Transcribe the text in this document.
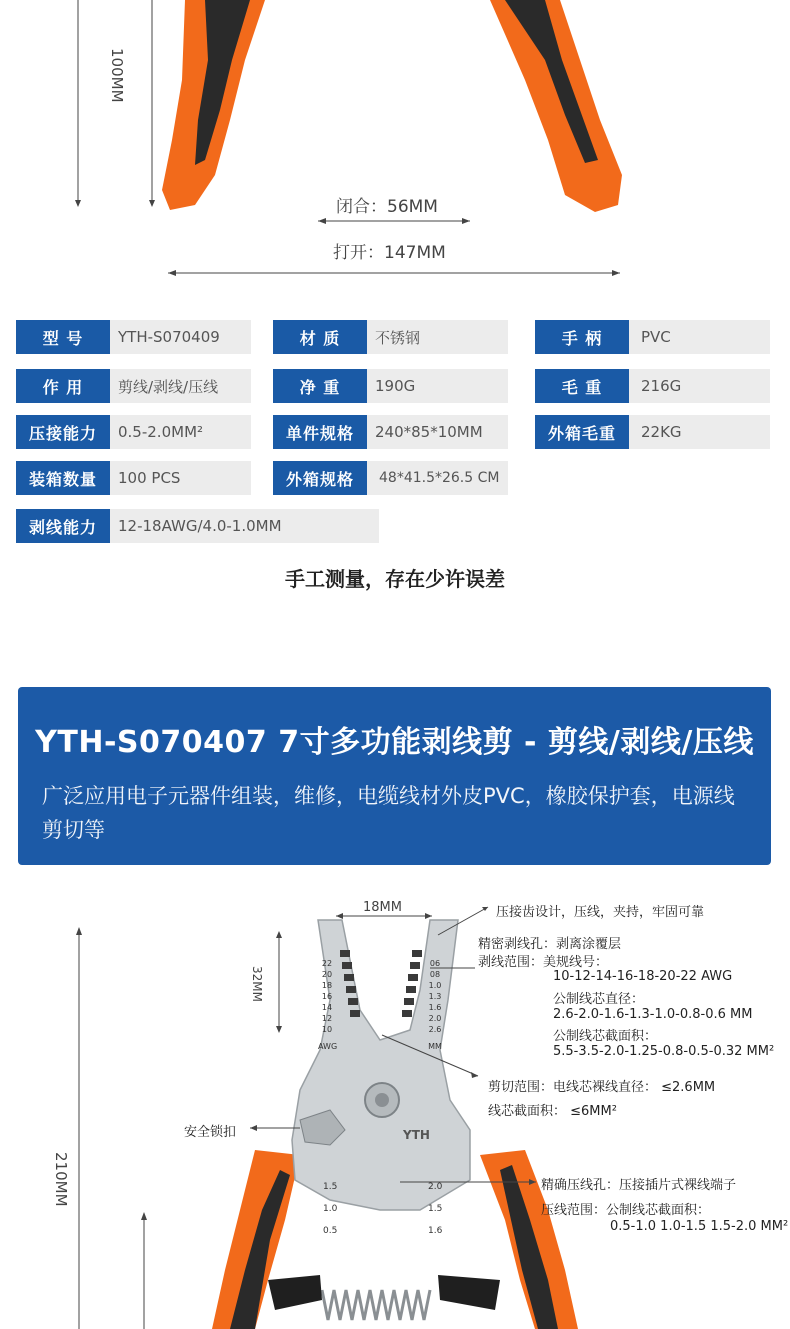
100MM
闭合：56MM
打开：147MM
型 号	YTH-S070409	材 质	不锈钢	手 柄	PVC
作 用	剪线/剥线/压线	净 重	190G	毛 重	216G
压接能力	0.5-2.0MM²	单件规格	240*85*10MM	外箱毛重	22KG
装箱数量	100 PCS	外箱规格	48*41.5*26.5 CM
剥线能力	12-18AWG/4.0-1.0MM
手工测量，存在少许误差
YTH-S070407 7寸多功能剥线剪 - 剪线/剥线/压线
广泛应用电子元器件组装，维修，电缆线材外皮PVC，橡胶保护套，电源线剪切等
18MM
32MM
210MM
安全锁扣
压接齿设计，压线，夹持，牢固可靠
精密剥线孔：剥离涂覆层
剥线范围：美规线号：
10-12-14-16-18-20-22 AWG
公制线芯直径：
2.6-2.0-1.6-1.3-1.0-0.8-0.6 MM
公制线芯截面积：
5.5-3.5-2.0-1.25-0.8-0.5-0.32 MM²
剪切范围：电线芯裸线直径： ≤2.6MM
线芯截面积： ≤6MM²
精确压线孔：压接插片式裸线端子
压线范围：公制线芯截面积：
0.5-1.0 1.0-1.5 1.5-2.0 MM²
22
20
18
16
14
12
10
AWG
06
08
1.0
1.3
1.6
2.0
2.6
MM
1.5
1.0
0.5
2.0
1.5
1.6
YTH
